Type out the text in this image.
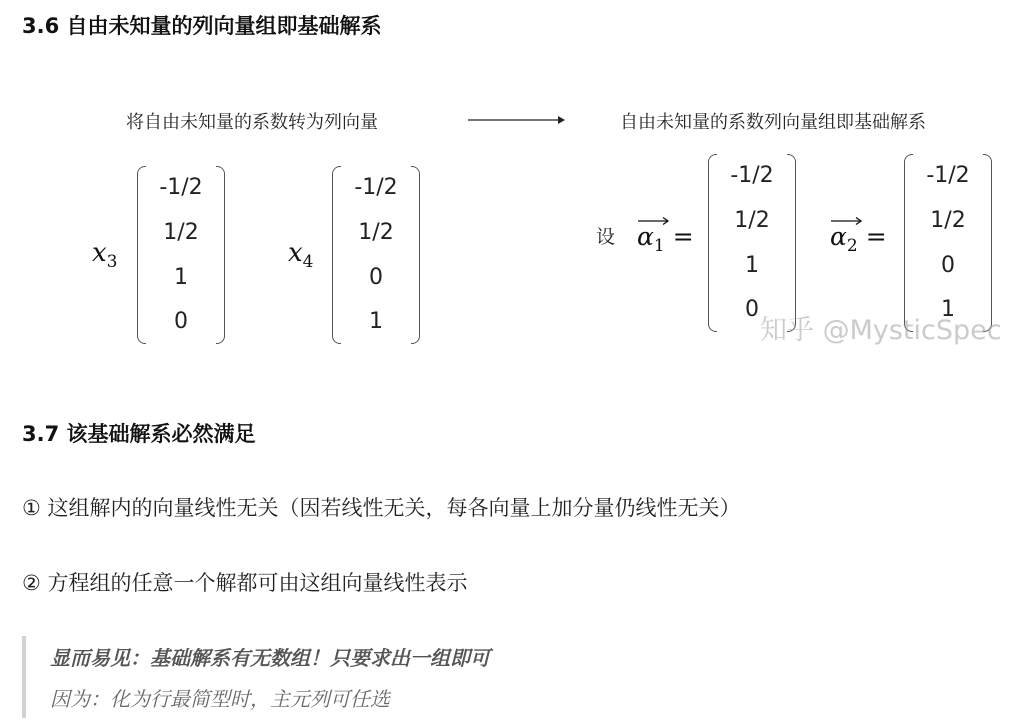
3.6 自由未知量的列向量组即基础解系
将自由未知量的系数转为列向量	自由未知量的系数列向量组即基础解系
$x_3$
-1/2
1/2
1
0
$x_4$
-1/2
1/2
0
1
设 $\alpha_1$ =
-1/2
1/2
1
0
$\alpha_2$ =
-1/2
1/2
0
1
知乎 @MysticSpec
3.7 该基础解系必然满足
① 这组解内的向量线性无关（因若线性无关，每各向量上加分量仍线性无关）
② 方程组的任意一个解都可由这组向量线性表示
显而易见：基础解系有无数组！只要求出一组即可
因为：化为行最简型时，主元列可任选
